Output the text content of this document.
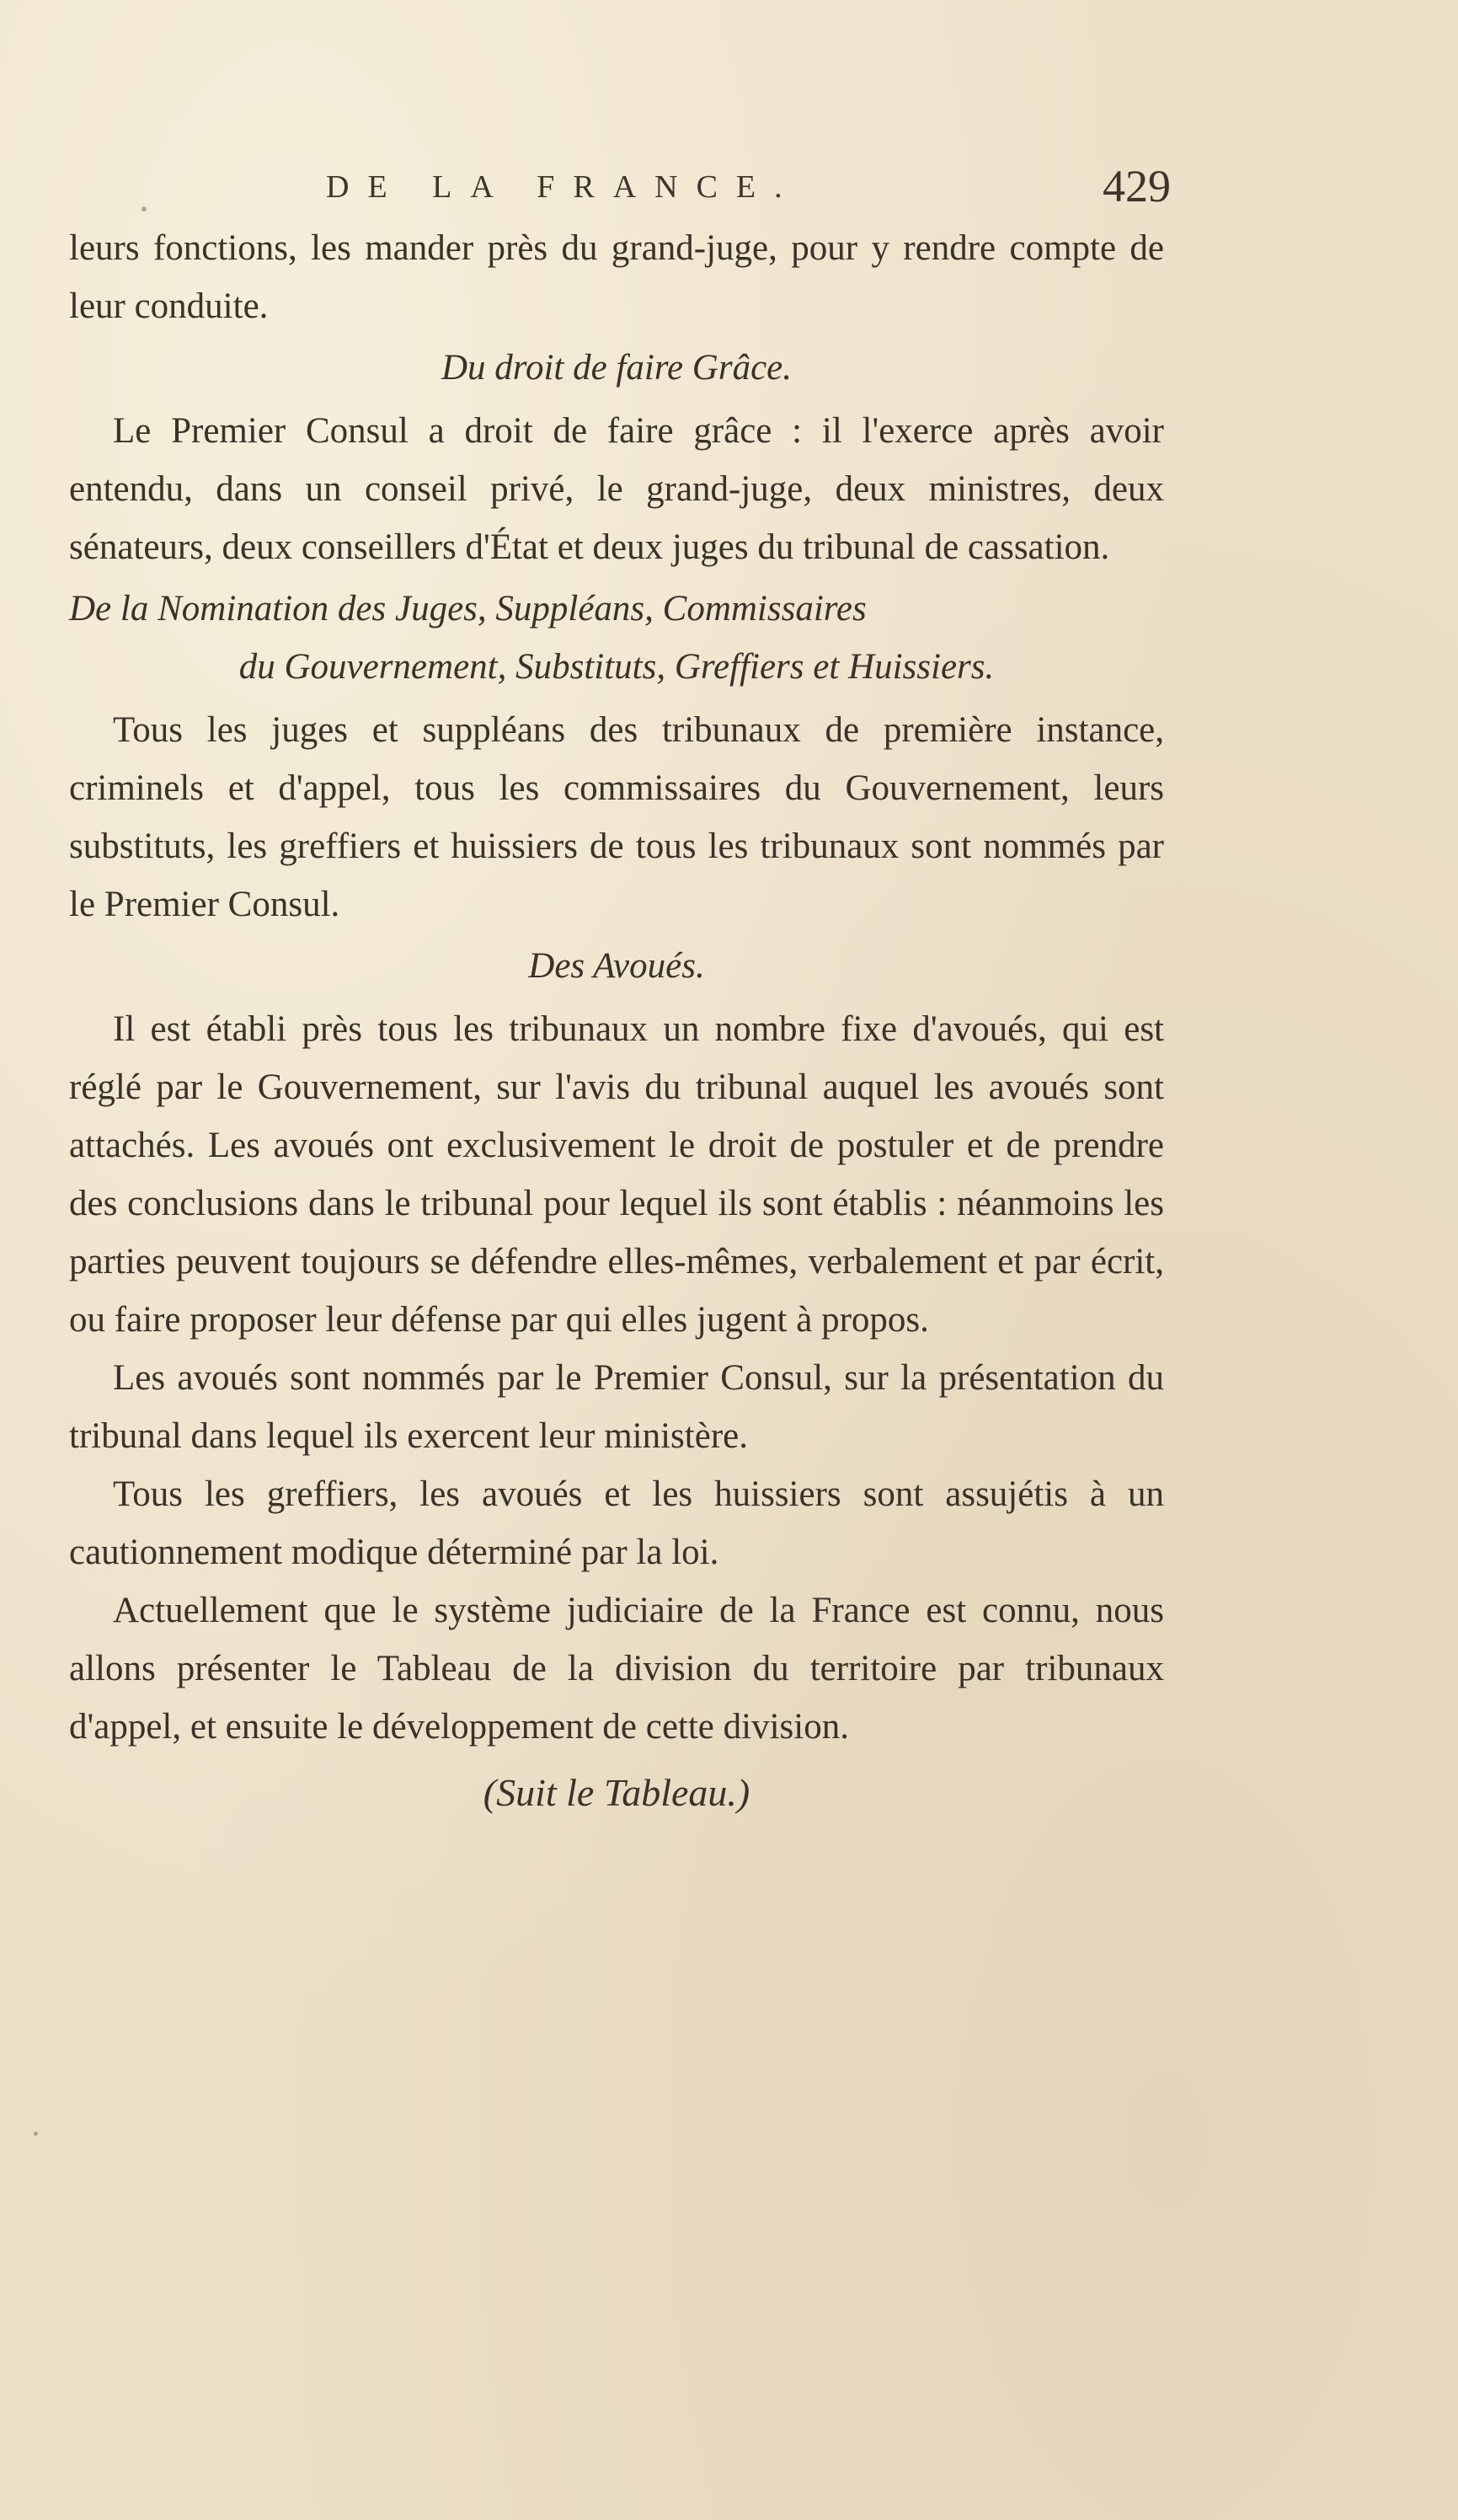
DE LA FRANCE.	429

leurs fonctions, les mander près du grand-juge, pour y rendre compte de leur conduite.

Du droit de faire Grâce.

Le Premier Consul a droit de faire grâce : il l'exerce après avoir entendu, dans un conseil privé, le grand-juge, deux ministres, deux sénateurs, deux conseillers d'État et deux juges du tribunal de cassation.

De la Nomination des Juges, Suppléans, Commissaires
du Gouvernement, Substituts, Greffiers et Huissiers.

Tous les juges et suppléans des tribunaux de première instance, criminels et d'appel, tous les commissaires du Gouvernement, leurs substituts, les greffiers et huissiers de tous les tribunaux sont nommés par le Premier Consul.

Des Avoués.

Il est établi près tous les tribunaux un nombre fixe d'avoués, qui est réglé par le Gouvernement, sur l'avis du tribunal auquel les avoués sont attachés. Les avoués ont exclusivement le droit de postuler et de prendre des conclusions dans le tribunal pour lequel ils sont établis : néanmoins les parties peuvent toujours se défendre elles-mêmes, verbalement et par écrit, ou faire proposer leur défense par qui elles jugent à propos.

Les avoués sont nommés par le Premier Consul, sur la présentation du tribunal dans lequel ils exercent leur ministère.

Tous les greffiers, les avoués et les huissiers sont assujétis à un cautionnement modique déterminé par la loi.

Actuellement que le système judiciaire de la France est connu, nous allons présenter le Tableau de la division du territoire par tribunaux d'appel, et ensuite le développement de cette division.

(Suit le Tableau.)
